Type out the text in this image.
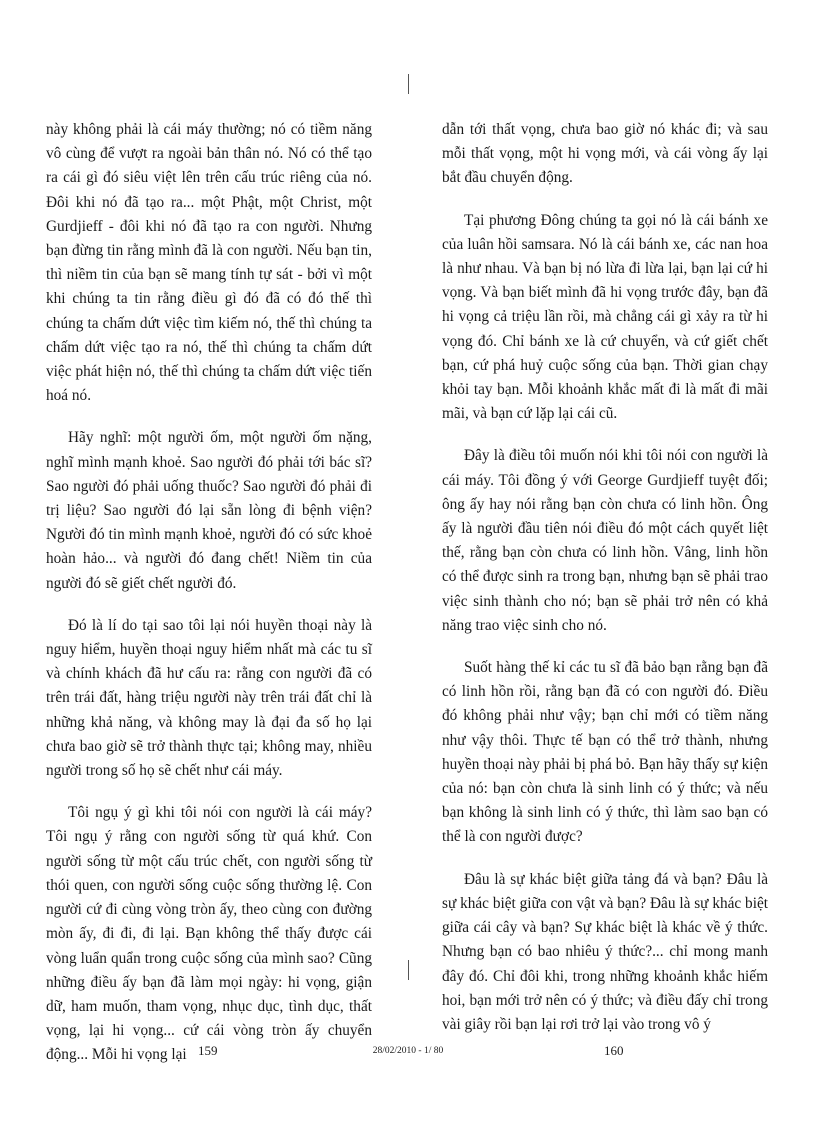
này không phải là cái máy thường; nó có tiềm năng vô cùng để vượt ra ngoài bản thân nó. Nó có thể tạo ra cái gì đó siêu việt lên trên cấu trúc riêng của nó. Đôi khi nó đã tạo ra... một Phật, một Christ, một Gurdjieff - đôi khi nó đã tạo ra con người. Nhưng bạn đừng tin rằng mình đã là con người. Nếu bạn tin, thì niềm tin của bạn sẽ mang tính tự sát - bởi vì một khi chúng ta tin rằng điều gì đó đã có đó thế thì chúng ta chấm dứt việc tìm kiếm nó, thế thì chúng ta chấm dứt việc tạo ra nó, thế thì chúng ta chấm dứt việc phát hiện nó, thế thì chúng ta chấm dứt việc tiến hoá nó.

Hãy nghĩ: một người ốm, một người ốm nặng, nghĩ mình mạnh khoẻ. Sao người đó phải tới bác sĩ? Sao người đó phải uống thuốc? Sao người đó phải đi trị liệu? Sao người đó lại sẵn lòng đi bệnh viện? Người đó tin mình mạnh khoẻ, người đó có sức khoẻ hoàn hảo... và người đó đang chết! Niềm tin của người đó sẽ giết chết người đó.

Đó là lí do tại sao tôi lại nói huyền thoại này là nguy hiểm, huyền thoại nguy hiểm nhất mà các tu sĩ và chính khách đã hư cấu ra: rằng con người đã có trên trái đất, hàng triệu người này trên trái đất chỉ là những khả năng, và không may là đại đa số họ lại chưa bao giờ sẽ trở thành thực tại; không may, nhiều người trong số họ sẽ chết như cái máy.

Tôi ngụ ý gì khi tôi nói con người là cái máy? Tôi ngụ ý rằng con người sống từ quá khứ. Con người sống từ một cấu trúc chết, con người sống từ thói quen, con người sống cuộc sống thường lệ. Con người cứ đi cùng vòng tròn ấy, theo cùng con đường mòn ấy, đi đi, đi lại. Bạn không thể thấy được cái vòng luẩn quẩn trong cuộc sống của mình sao? Cũng những điều ấy bạn đã làm mọi ngày: hi vọng, giận dữ, ham muốn, tham vọng, nhục dục, tình dục, thất vọng, lại hi vọng... cứ cái vòng tròn ấy chuyển động... Mỗi hi vọng lại

dẫn tới thất vọng, chưa bao giờ nó khác đi; và sau mỗi thất vọng, một hi vọng mới, và cái vòng ấy lại bắt đầu chuyển động.

Tại phương Đông chúng ta gọi nó là cái bánh xe của luân hồi samsara. Nó là cái bánh xe, các nan hoa là như nhau. Và bạn bị nó lừa đi lừa lại, bạn lại cứ hi vọng. Và bạn biết mình đã hi vọng trước đây, bạn đã hi vọng cả triệu lần rồi, mà chẳng cái gì xảy ra từ hi vọng đó. Chỉ bánh xe là cứ chuyển, và cứ giết chết bạn, cứ phá huỷ cuộc sống của bạn. Thời gian chạy khỏi tay bạn. Mỗi khoảnh khắc mất đi là mất đi mãi mãi, và bạn cứ lặp lại cái cũ.

Đây là điều tôi muốn nói khi tôi nói con người là cái máy. Tôi đồng ý với George Gurdjieff tuyệt đối; ông ấy hay nói rằng bạn còn chưa có linh hồn. Ông ấy là người đầu tiên nói điều đó một cách quyết liệt thế, rằng bạn còn chưa có linh hồn. Vâng, linh hồn có thể được sinh ra trong bạn, nhưng bạn sẽ phải trao việc sinh thành cho nó; bạn sẽ phải trở nên có khả năng trao việc sinh cho nó.

Suốt hàng thế kỉ các tu sĩ đã bảo bạn rằng bạn đã có linh hồn rồi, rằng bạn đã có con người đó. Điều đó không phải như vậy; bạn chỉ mới có tiềm năng như vậy thôi. Thực tế bạn có thể trở thành, nhưng huyền thoại này phải bị phá bỏ. Bạn hãy thấy sự kiện của nó: bạn còn chưa là sinh linh có ý thức; và nếu bạn không là sinh linh có ý thức, thì làm sao bạn có thể là con người được?

Đâu là sự khác biệt giữa tảng đá và bạn? Đâu là sự khác biệt giữa con vật và bạn? Đâu là sự khác biệt giữa cái cây và bạn? Sự khác biệt là khác về ý thức. Nhưng bạn có bao nhiêu ý thức?... chỉ mong manh đây đó. Chỉ đôi khi, trong những khoảnh khắc hiếm hoi, bạn mới trở nên có ý thức; và điều đấy chỉ trong vài giây rồi bạn lại rơi trở lại vào trong vô ý

159	28/02/2010 - 1/ 80	160
